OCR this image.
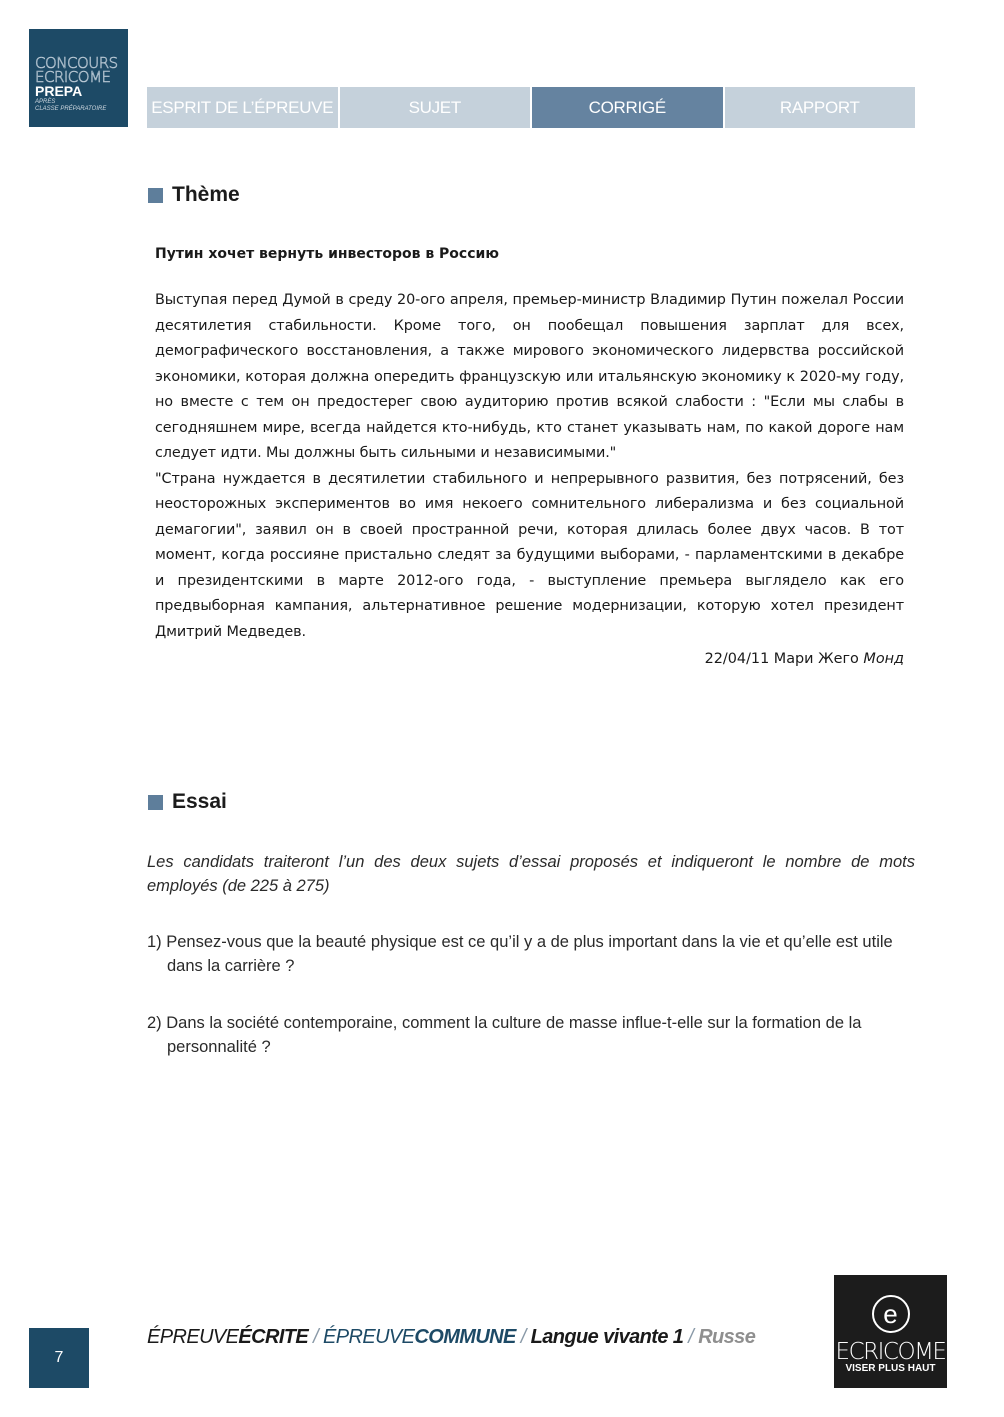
CONCOURS
ECRICOME
PREPA
APRÈS
CLASSE PRÉPARATOIRE	ESPRIT DE L’ÉPREUVE	SUJET	CORRIGÉ	RAPPORT
Thème
Путин хочет вернуть инвесторов в Россию

Выступая перед Думой в среду 20-ого апреля, премьер-министр Владимир Путин пожелал России десятилетия стабильности. Кроме того, он пообещал повышения зарплат для всех, демографического восстановления, а также мирового экономического лидервства российской экономики, которая должна опередить французскую или итальянскую экономику к 2020-му году, но вместе с тем он предостерег свою аудиторию против всякой слабости : "Если мы слабы в сегодняшнем мире, всегда найдется кто-нибудь, кто станет указывать нам, по какой дороге нам следует идти. Мы должны быть сильными и независимыми."

"Страна нуждается в десятилетии стабильного и непрерывного развития, без потрясений, без неосторожных экспериментов во имя некоего сомнительного либерализма и без социальной демагогии", заявил он в своей пространной речи, которая длилась более двух часов. В тот момент, когда россияне пристально следят за будущими выборами, - парламентскими в декабре и президентскими в марте 2012-ого года, - выступление премьера выглядело как его предвыборная кампания, альтернативное решение модернизации, которую хотел президент Дмитрий Медведев.

22/04/11 Мари Жего Монд
Essai
Les candidats traiteront l’un des deux sujets d’essai proposés et indiqueront le nombre de mots employés (de 225 à 275)
1) Pensez-vous que la beauté physique est ce qu’il y a de plus important dans la vie et qu’elle est utile dans la carrière ?
2) Dans la société contemporaine, comment la culture de masse influe-t-elle sur la formation de la personnalité ?
7
ÉPREUVEÉCRITE / ÉPREUVECOMMUNE / Langue vivante 1 / Russe
e
ECRICOME
VISER PLUS HAUT
